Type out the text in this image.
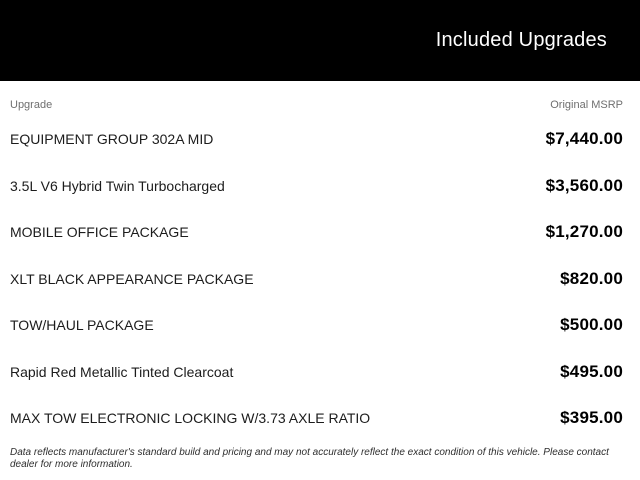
Included Upgrades
Upgrade	Original MSRP
EQUIPMENT GROUP 302A MID	$7,440.00
3.5L V6 Hybrid Twin Turbocharged	$3,560.00
MOBILE OFFICE PACKAGE	$1,270.00
XLT BLACK APPEARANCE PACKAGE	$820.00
TOW/HAUL PACKAGE	$500.00
Rapid Red Metallic Tinted Clearcoat	$495.00
MAX TOW ELECTRONIC LOCKING W/3.73 AXLE RATIO	$395.00
Data reflects manufacturer's standard build and pricing and may not accurately reflect the exact condition of this vehicle. Please contact dealer for more information.
